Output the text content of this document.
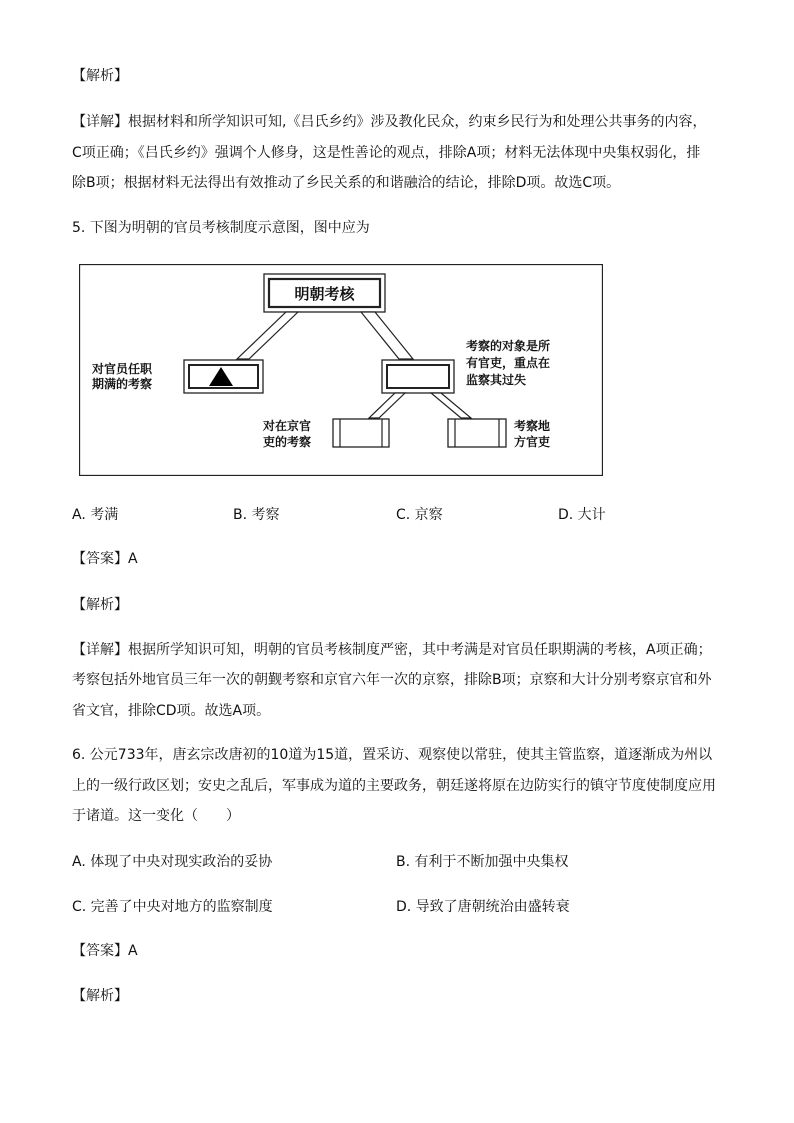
【解析】
【详解】根据材料和所学知识可知,《吕氏乡约》涉及教化民众，约束乡民行为和处理公共事务的内容，
C项正确；《吕氏乡约》强调个人修身，这是性善论的观点，排除A项；材料无法体现中央集权弱化，排
除B项；根据材料无法得出有效推动了乡民关系的和谐融洽的结论，排除D项。故选C项。
5. 下图为明朝的官员考核制度示意图，图中应为
明朝考核
对官员任职
期满的考察
考察的对象是所
有官吏，重点在
监察其过失
对在京官
吏的考察
考察地
方官吏
A. 考满	B. 考察	C. 京察	D. 大计
【答案】A
【解析】
【详解】根据所学知识可知，明朝的官员考核制度严密，其中考满是对官员任职期满的考核，A项正确；
考察包括外地官员三年一次的朝觐考察和京官六年一次的京察，排除B项；京察和大计分别考察京官和外
省文官，排除CD项。故选A项。
6. 公元733年，唐玄宗改唐初的10道为15道，置采访、观察使以常驻，使其主管监察，道逐渐成为州以
上的一级行政区划；安史之乱后，军事成为道的主要政务，朝廷遂将原在边防实行的镇守节度使制度应用
于诸道。这一变化（　　）
A. 体现了中央对现实政治的妥协	B. 有利于不断加强中央集权
C. 完善了中央对地方的监察制度	D. 导致了唐朝统治由盛转衰
【答案】A
【解析】
